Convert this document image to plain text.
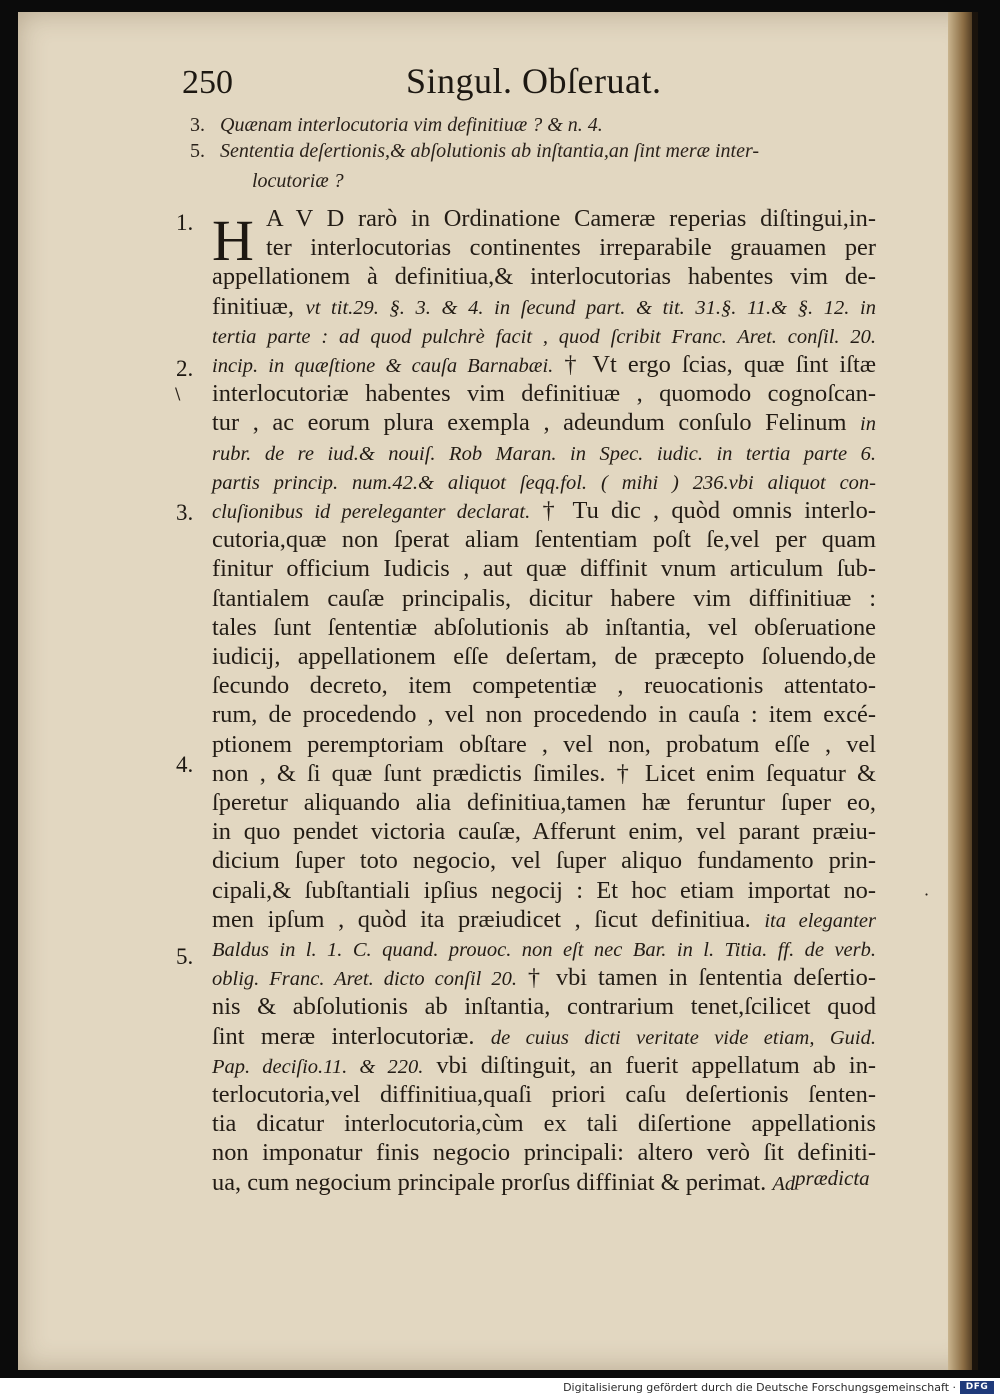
250	Singul. Obſeruat.
3. Quænam interlocutoria vim definitiuæ ? & n. 4.
5. Sententia deſertionis,& abſolutionis ab inſtantia,an ſint meræ inter-
locutoriæ ?
H A V D rarò in Ordinatione Cameræ reperias diſtingui,in-
ter interlocutorias continentes irreparabile grauamen per
appellationem à definitiua,& interlocutorias habentes vim de-
finitiuæ, vt tit.29. §. 3. & 4. in ſecund part. & tit. 31.§. 11.& §. 12. in
tertia parte : ad quod pulchrè facit , quod ſcribit Franc. Aret. conſil. 20.
incip. in quæſtione & cauſa Barnabæi. † Vt ergo ſcias, quæ ſint iſtæ
interlocutoriæ habentes vim definitiuæ , quomodo cognoſcan-
tur , ac eorum plura exempla , adeundum conſulo Felinum in
rubr. de re iud.& nouiſ. Rob Maran. in Spec. iudic. in tertia parte 6.
partis princip. num.42.& aliquot ſeqq.fol. ( mihi ) 236.vbi aliquot con-
cluſionibus id pereleganter declarat. † Tu dic , quòd omnis interlo-
cutoria,quæ non ſperat aliam ſententiam poſt ſe,vel per quam
finitur officium Iudicis , aut quæ diffinit vnum articulum ſub-
ſtantialem cauſæ principalis, dicitur habere vim diffinitiuæ :
tales ſunt ſententiæ abſolutionis ab inſtantia, vel obſeruatione
iudicij, appellationem eſſe deſertam, de præcepto ſoluendo,de
ſecundo decreto, item competentiæ , reuocationis attentato-
rum, de procedendo , vel non procedendo in cauſa : item excé-
ptionem peremptoriam obſtare , vel non, probatum eſſe , vel
non , & ſi quæ ſunt prædictis ſimiles. † Licet enim ſequatur &
ſperetur aliquando alia definitiua,tamen hæ feruntur ſuper eo,
in quo pendet victoria cauſæ, Afferunt enim, vel parant præiu-
dicium ſuper toto negocio, vel ſuper aliquo fundamento prin-
cipali,& ſubſtantiali ipſius negocij : Et hoc etiam importat no-
men ipſum , quòd ita præiudicet , ſicut definitiua. ita eleganter
Baldus in l. 1. C. quand. prouoc. non eſt nec Bar. in l. Titia. ff. de verb.
oblig. Franc. Aret. dicto conſil 20. † vbi tamen in ſententia deſertio-
nis & abſolutionis ab inſtantia, contrarium tenet,ſcilicet quod
ſint meræ interlocutoriæ. de cuius dicti veritate vide etiam, Guid.
Pap. deciſio.11. & 220. vbi diſtinguit, an fuerit appellatum ab in-
terlocutoria,vel diffinitiua,quaſi priori caſu deſertionis ſenten-
tia dicatur interlocutoria,cùm ex tali diſertione appellationis
non imponatur finis negocio principali: altero verò ſit definiti-
ua, cum negocium principale prorſus diffiniat & perimat. Ad
1.
2.
3.
4.
5.
\
·
prædicta
Digitalisierung gefördert durch die Deutsche Forschungsgemeinschaft ·	DFG
